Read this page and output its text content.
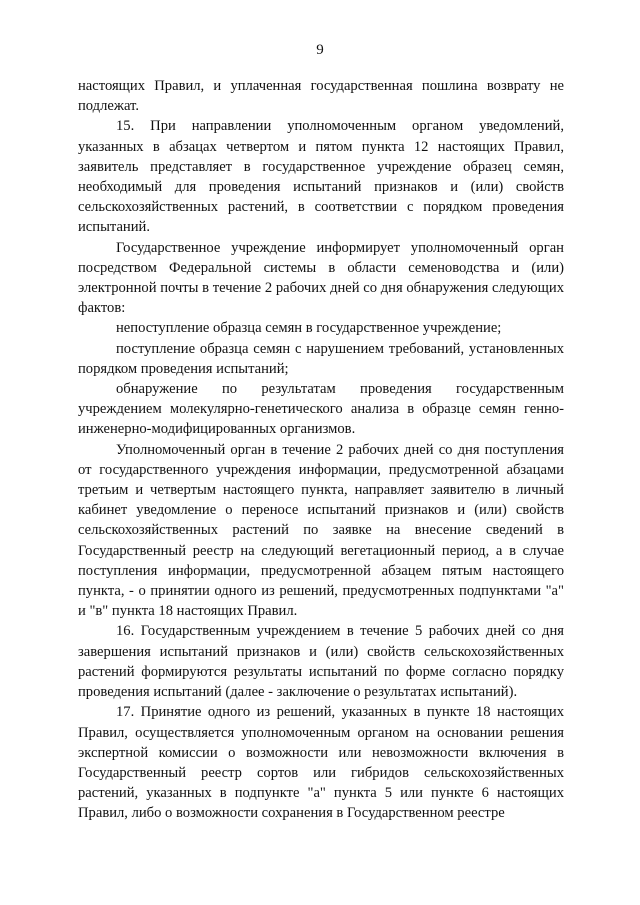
9

настоящих Правил, и уплаченная государственная пошлина возврату не подлежат.

15. При направлении уполномоченным органом уведомлений, указанных в абзацах четвертом и пятом пункта 12 настоящих Правил, заявитель представляет в государственное учреждение образец семян, необходимый для проведения испытаний признаков и (или) свойств сельскохозяйственных растений, в соответствии с порядком проведения испытаний.

Государственное учреждение информирует уполномоченный орган посредством Федеральной системы в области семеноводства и (или) электронной почты в течение 2 рабочих дней со дня обнаружения следующих фактов:

непоступление образца семян в государственное учреждение;

поступление образца семян с нарушением требований, установленных порядком проведения испытаний;

обнаружение по результатам проведения государственным учреждением молекулярно-генетического анализа в образце семян генно-инженерно-модифицированных организмов.

Уполномоченный орган в течение 2 рабочих дней со дня поступления от государственного учреждения информации, предусмотренной абзацами третьим и четвертым настоящего пункта, направляет заявителю в личный кабинет уведомление о переносе испытаний признаков и (или) свойств сельскохозяйственных растений по заявке на внесение сведений в Государственный реестр на следующий вегетационный период, а в случае поступления информации, предусмотренной абзацем пятым настоящего пункта, - о принятии одного из решений, предусмотренных подпунктами "а" и "в" пункта 18 настоящих Правил.

16. Государственным учреждением в течение 5 рабочих дней со дня завершения испытаний признаков и (или) свойств сельскохозяйственных растений формируются результаты испытаний по форме согласно порядку проведения испытаний (далее - заключение о результатах испытаний).

17. Принятие одного из решений, указанных в пункте 18 настоящих Правил, осуществляется уполномоченным органом на основании решения экспертной комиссии о возможности или невозможности включения в Государственный реестр сортов или гибридов сельскохозяйственных растений, указанных в подпункте "а" пункта 5 или пункте 6 настоящих Правил, либо о возможности сохранения в Государственном реестре
